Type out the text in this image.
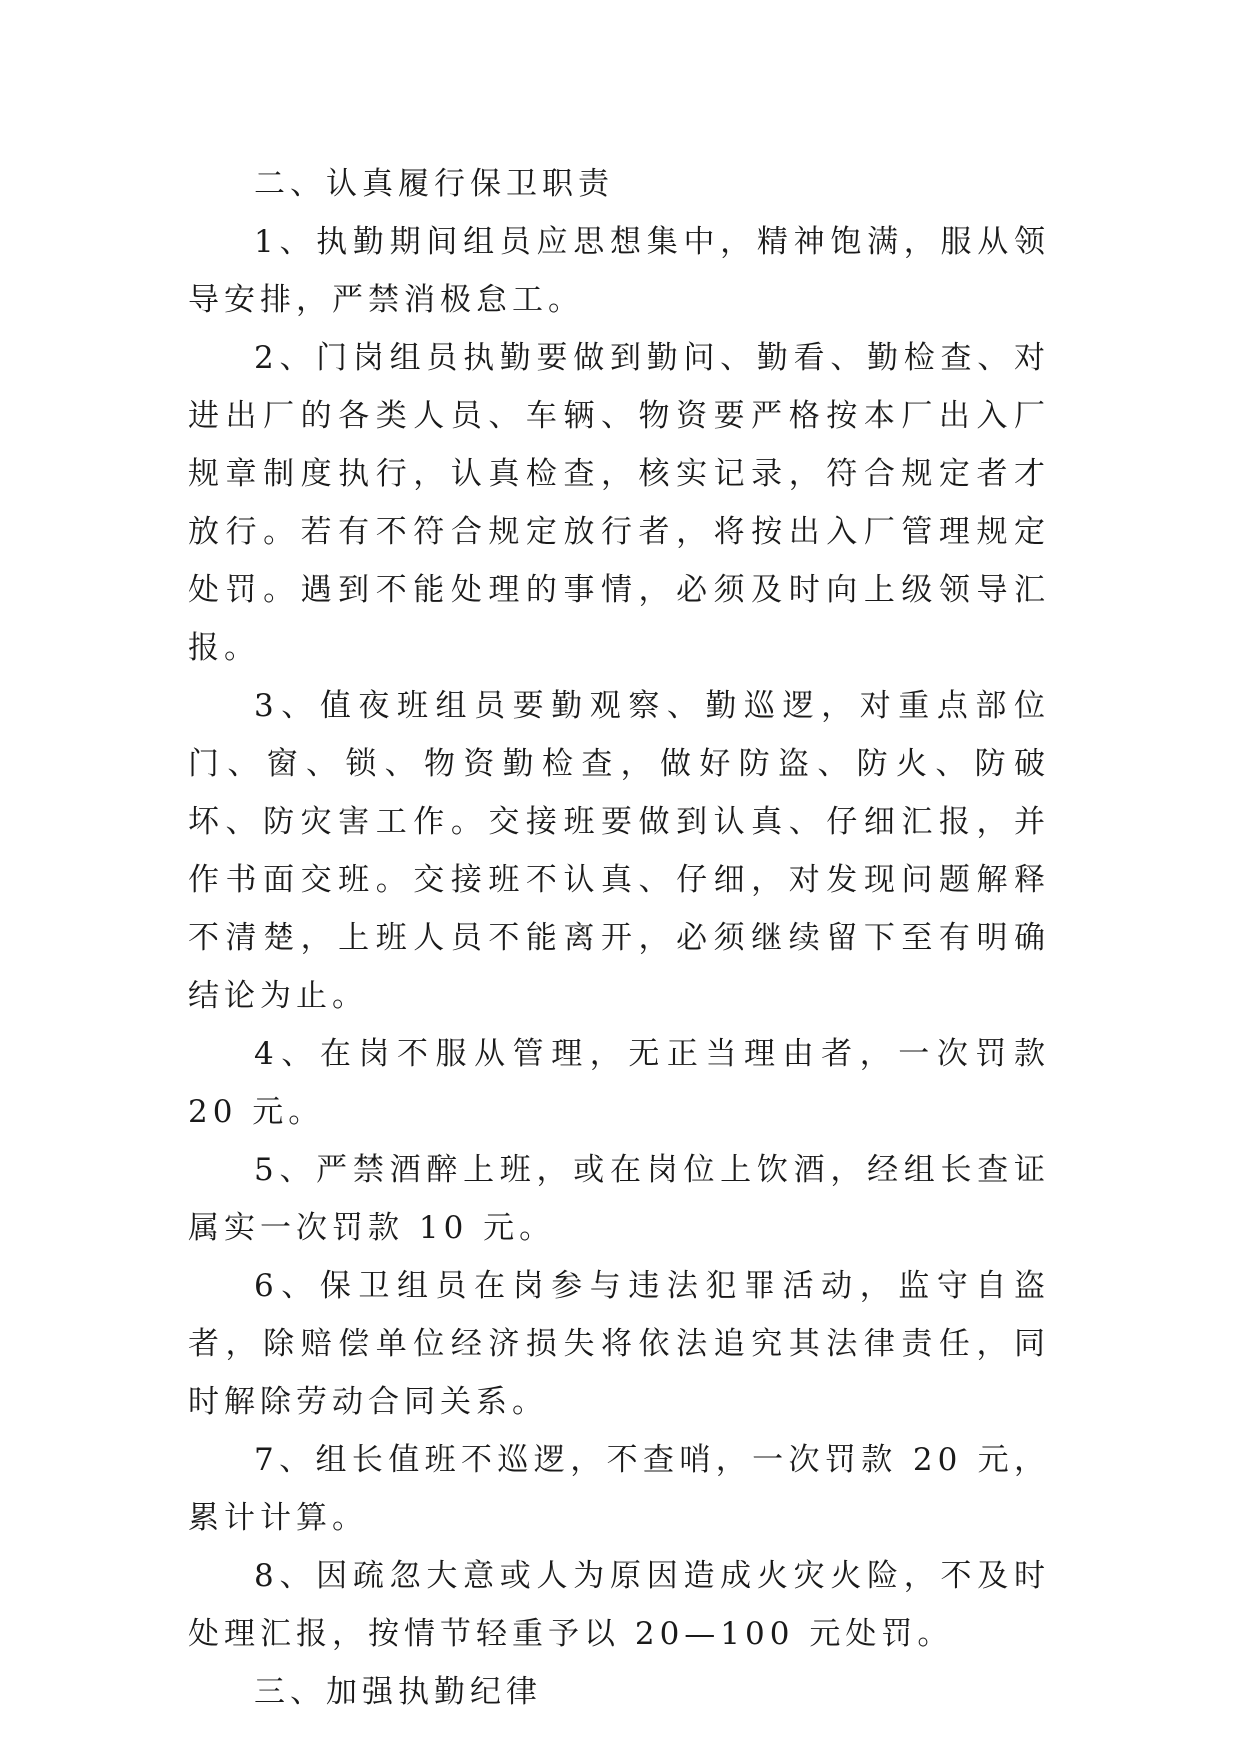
二、认真履行保卫职责

1、执勤期间组员应思想集中，精神饱满，服从领导安排，严禁消极怠工。

2、门岗组员执勤要做到勤问、勤看、勤检查、对进出厂的各类人员、车辆、物资要严格按本厂出入厂规章制度执行，认真检查，核实记录，符合规定者才放行。若有不符合规定放行者，将按出入厂管理规定处罚。遇到不能处理的事情，必须及时向上级领导汇报。

3、值夜班组员要勤观察、勤巡逻，对重点部位门、窗、锁、物资勤检查，做好防盗、防火、防破坏、防灾害工作。交接班要做到认真、仔细汇报，并作书面交班。交接班不认真、仔细，对发现问题解释不清楚，上班人员不能离开，必须继续留下至有明确结论为止。

4、在岗不服从管理，无正当理由者，一次罚款 20 元。

5、严禁酒醉上班，或在岗位上饮酒，经组长查证属实一次罚款 10 元。

6、保卫组员在岗参与违法犯罪活动，监守自盗者，除赔偿单位经济损失将依法追究其法律责任，同时解除劳动合同关系。

7、组长值班不巡逻，不查哨，一次罚款 20 元，累计计算。

8、因疏忽大意或人为原因造成火灾火险，不及时处理汇报，按情节轻重予以 20—100 元处罚。

三、加强执勤纪律
